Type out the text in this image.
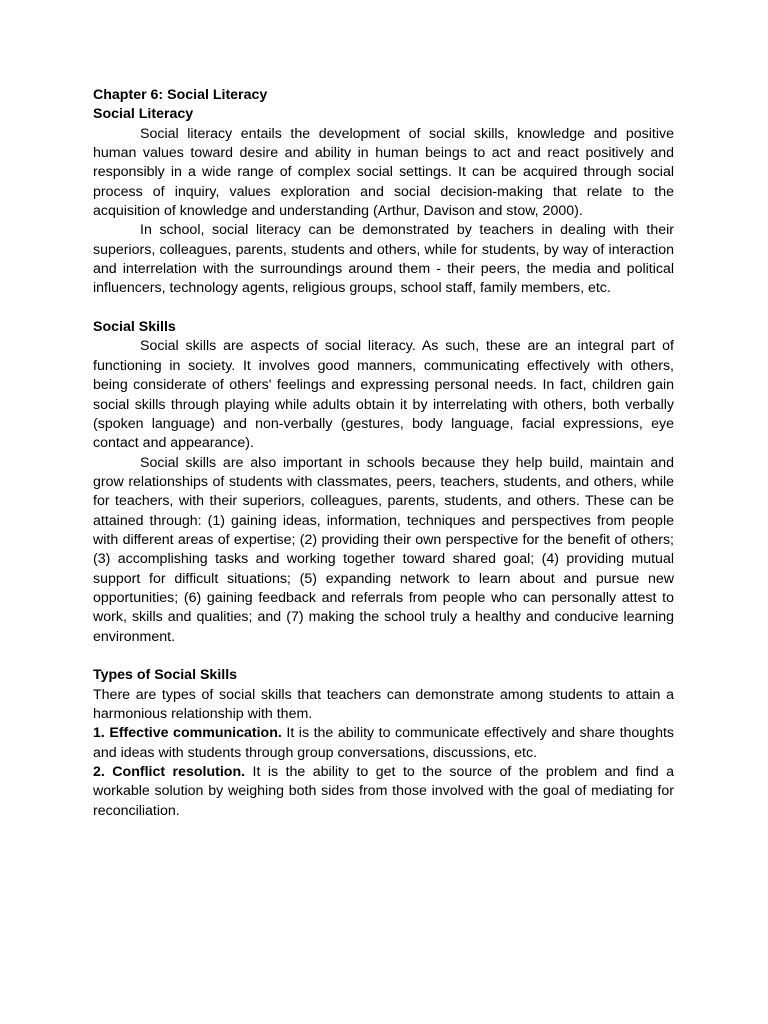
Chapter 6: Social Literacy
Social Literacy

Social literacy entails the development of social skills, knowledge and positive human values toward desire and ability in human beings to act and react positively and responsibly in a wide range of complex social settings. It can be acquired through social process of inquiry, values exploration and social decision-making that relate to the acquisition of knowledge and understanding (Arthur, Davison and stow, 2000).

In school, social literacy can be demonstrated by teachers in dealing with their superiors, colleagues, parents, students and others, while for students, by way of interaction and interrelation with the surroundings around them - their peers, the media and political influencers, technology agents, religious groups, school staff, family members, etc.

Social Skills

Social skills are aspects of social literacy. As such, these are an integral part of functioning in society. It involves good manners, communicating effectively with others, being considerate of others' feelings and expressing personal needs. In fact, children gain social skills through playing while adults obtain it by interrelating with others, both verbally (spoken language) and non-verbally (gestures, body language, facial expressions, eye contact and appearance).

Social skills are also important in schools because they help build, maintain and grow relationships of students with classmates, peers, teachers, students, and others, while for teachers, with their superiors, colleagues, parents, students, and others. These can be attained through: (1) gaining ideas, information, techniques and perspectives from people with different areas of expertise; (2) providing their own perspective for the benefit of others; (3) accomplishing tasks and working together toward shared goal; (4) providing mutual support for difficult situations; (5) expanding network to learn about and pursue new opportunities; (6) gaining feedback and referrals from people who can personally attest to work, skills and qualities; and (7) making the school truly a healthy and conducive learning environment.

Types of Social Skills

There are types of social skills that teachers can demonstrate among students to attain a harmonious relationship with them.

1. Effective communication. It is the ability to communicate effectively and share thoughts and ideas with students through group conversations, discussions, etc.

2. Conflict resolution. It is the ability to get to the source of the problem and find a workable solution by weighing both sides from those involved with the goal of mediating for reconciliation.
